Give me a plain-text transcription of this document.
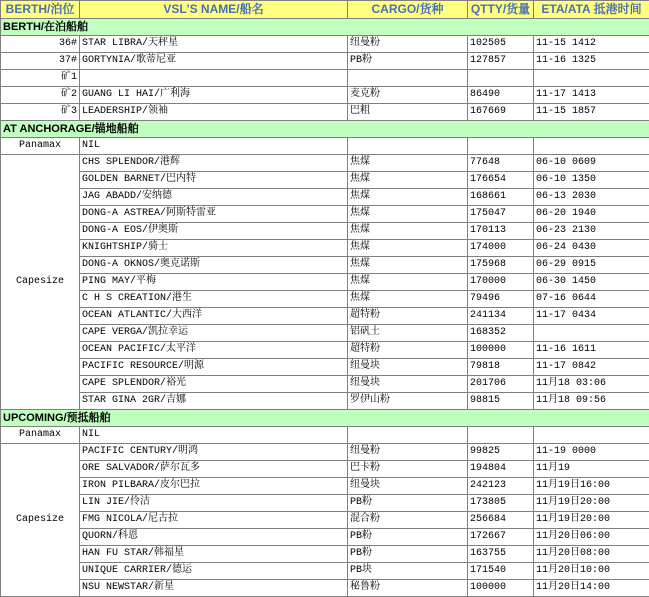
BERTH/泊位	VSL'S NAME/船名	CARGO/货种	QTTY/货量	ETA/ATA 抵港时间
BERTH/在泊船舶				
36#	STAR LIBRA/天秤星	纽曼粉	102505	11-15 1412
37#	GORTYNIA/歌蒂尼亚	PB粉	127857	11-16 1325
矿1				
矿2	GUANG LI HAI/广利海	麦克粉	86490	11-17 1413
矿3	LEADERSHIP/领袖	巴粗	167669	11-15 1857
AT ANCHORAGE/锚地船舶				
Panamax	NIL			
Capesize	CHS SPLENDOR/港辉	焦煤	77648	06-10 0609
	GOLDEN BARNET/巴内特	焦煤	176654	06-10 1350
	JAG ABADD/安纳德	焦煤	168661	06-13 2030
	DONG-A ASTREA/阿斯特雷亚	焦煤	175047	06-20 1940
	DONG-A EOS/伊奥斯	焦煤	170113	06-23 2130
	KNIGHTSHIP/骑士	焦煤	174000	06-24 0430
	DONG-A OKNOS/奥克诺斯	焦煤	175968	06-29 0915
	PING MAY/平梅	焦煤	170000	06-30 1450
	C H S CREATION/港生	焦煤	79496	07-16 0644
	OCEAN ATLANTIC/大西洋	超特粉	241134	11-17 0434
	CAPE VERGA/凯拉幸运	铝矾土	168352	
	OCEAN PACIFIC/太平洋	超特粉	100000	11-16 1611
	PACIFIC RESOURCE/明源	纽曼块	79818	11-17 0842
	CAPE SPLENDOR/裕光	纽曼块	201706	11月18 03:06
	STAR GINA 2GR/吉娜	罗伊山粉	98815	11月18 09:56
UPCOMING/预抵船舶				
Panamax	NIL			
Capesize	PACIFIC CENTURY/明鸿	纽曼粉	99825	11-19 0000
	ORE SALVADOR/萨尔瓦多	巴卡粉	194804	11月19
	IRON PILBARA/皮尔巴拉	纽曼块	242123	11月19日16:00
	LIN JIE/伶洁	PB粉	173805	11月19日20:00
	FMG NICOLA/尼古拉	混合粉	256684	11月19日20:00
	QUORN/科恩	PB粉	172667	11月20日06:00
	HAN FU STAR/韩福星	PB粉	163755	11月20日08:00
	UNIQUE CARRIER/德运	PB块	171540	11月20日10:00
	NSU NEWSTAR/新星	秘鲁粉	100000	11月20日14:00
